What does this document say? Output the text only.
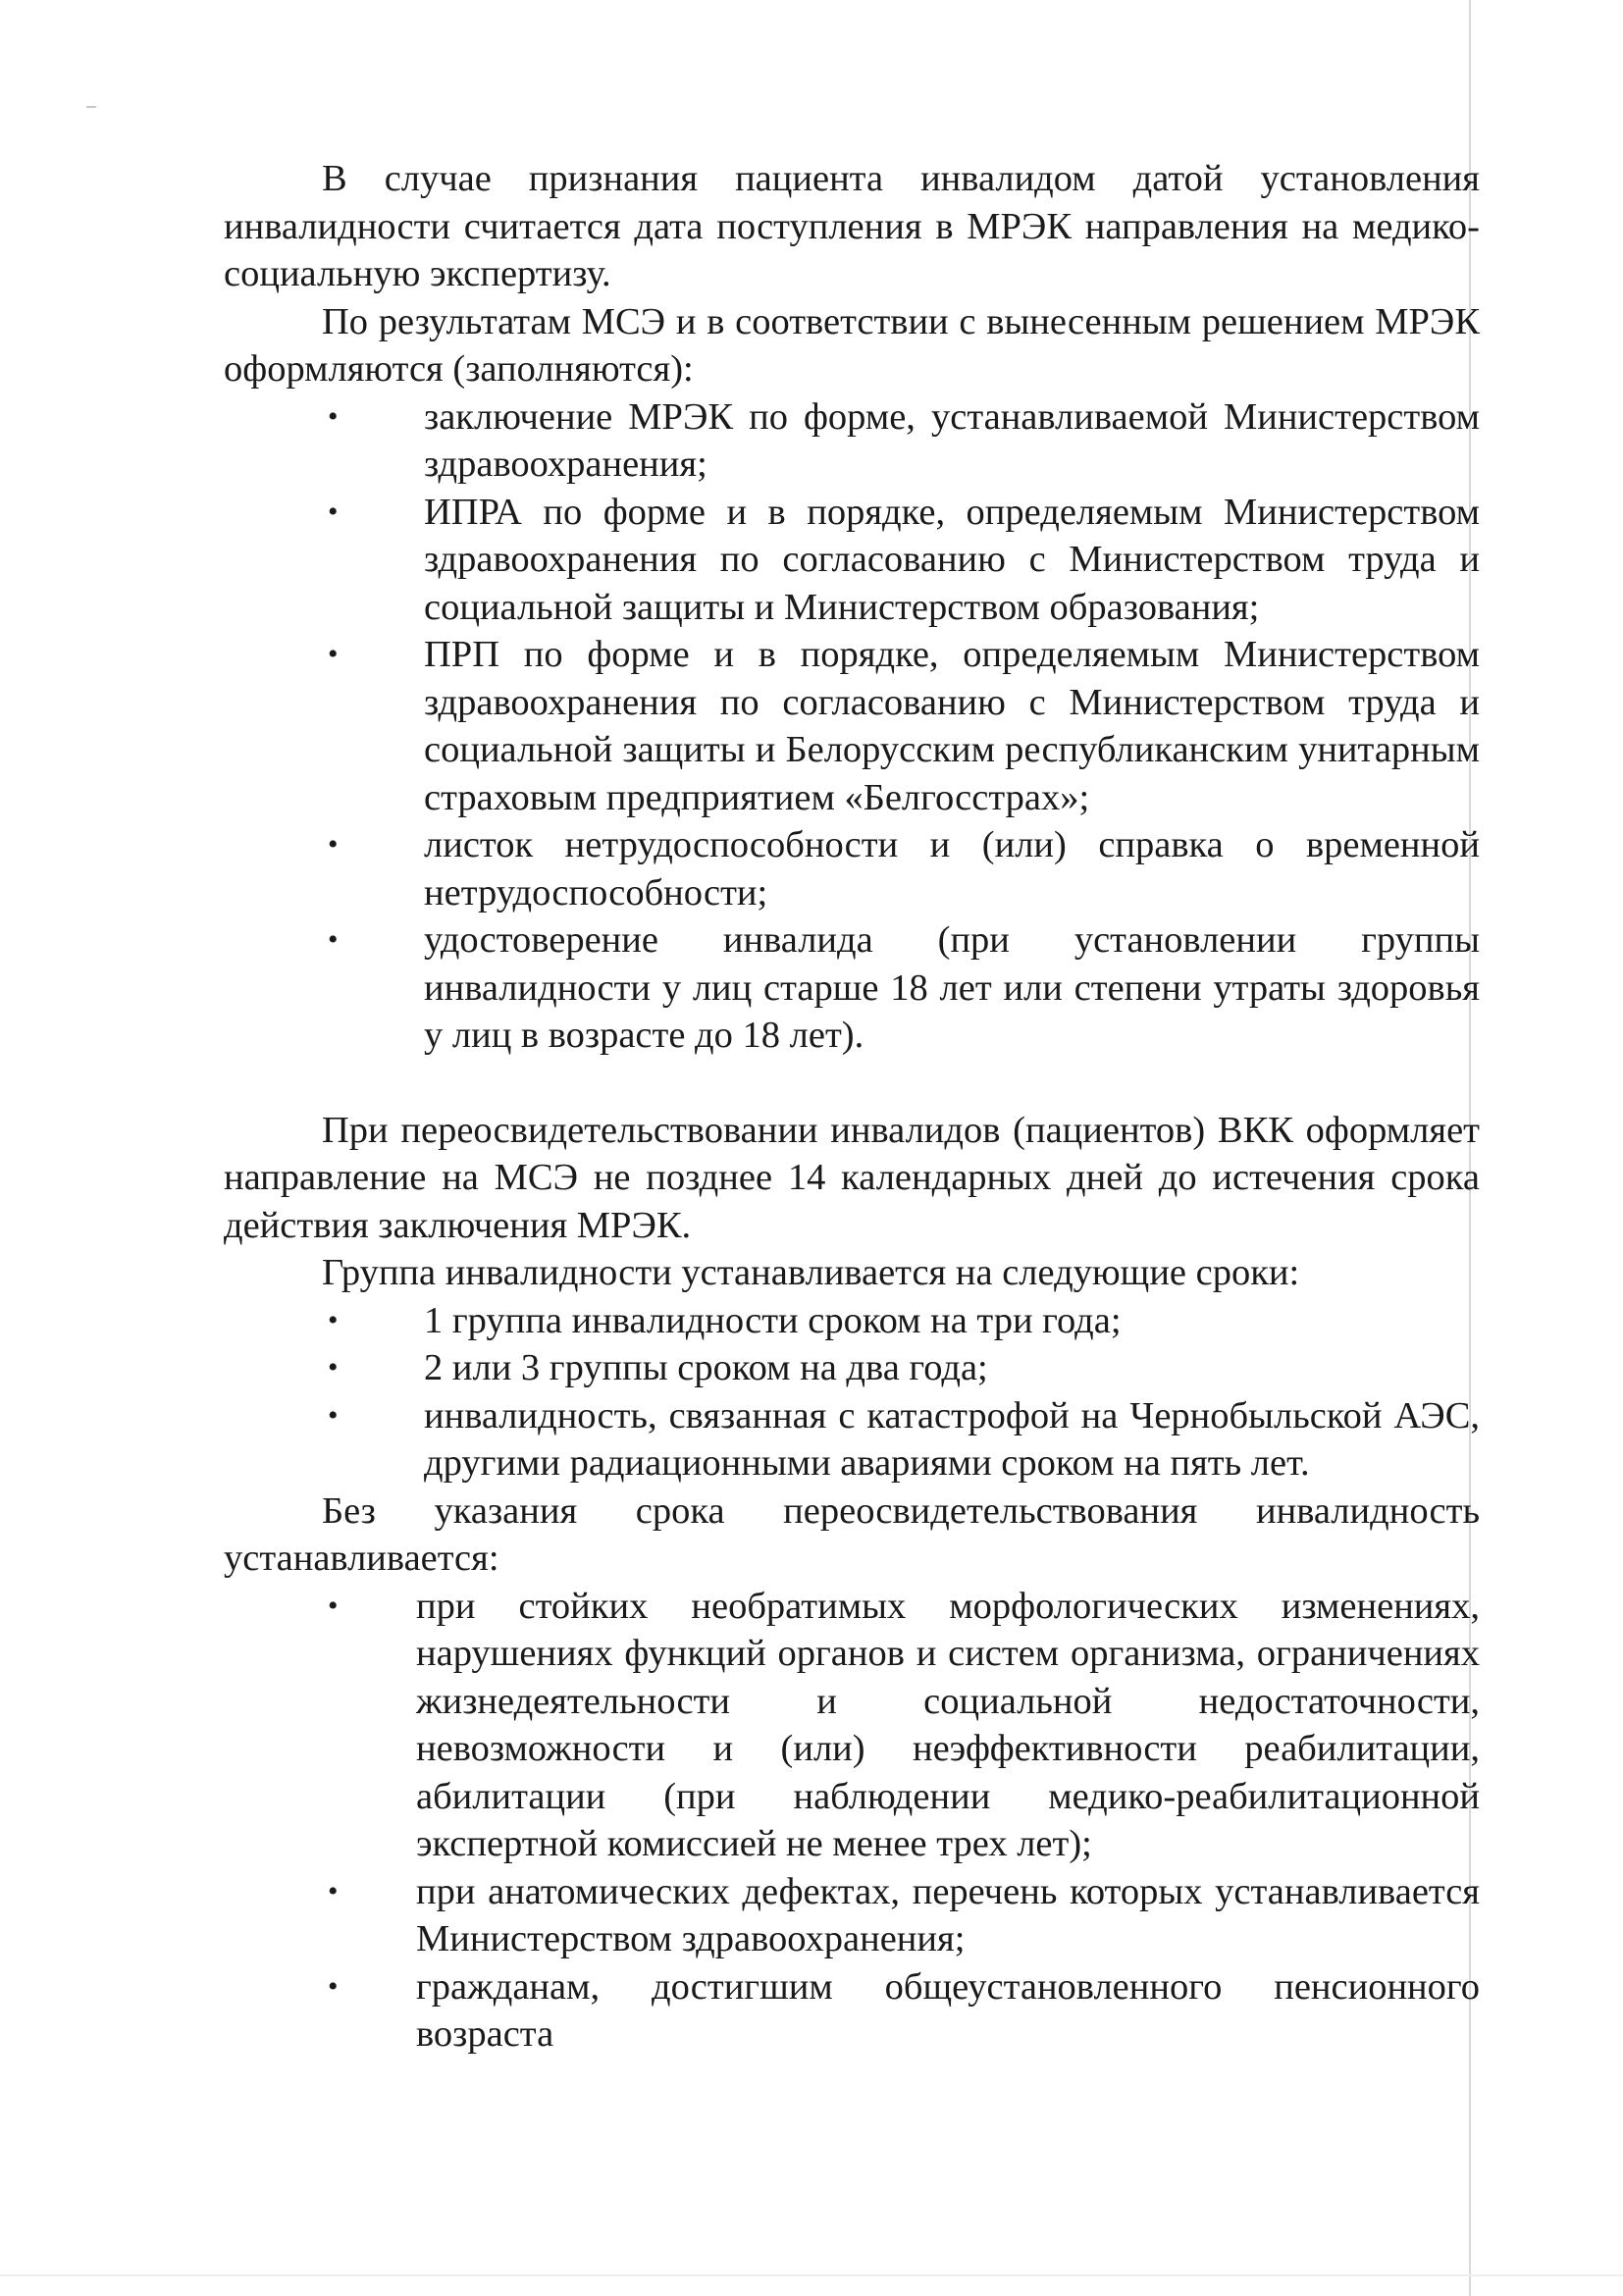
В случае признания пациента инвалидом датой установления инвалидности считается дата поступления в МРЭК направления на медико-социальную экспертизу.

По результатам МСЭ и в соответствии с вынесенным решением МРЭК оформляются (заполняются):

• заключение МРЭК по форме, устанавливаемой Министерством здравоохранения;
• ИПРА по форме и в порядке, определяемым Министерством здравоохранения по согласованию с Министерством труда и социальной защиты и Министерством образования;
• ПРП по форме и в порядке, определяемым Министерством здравоохранения по согласованию с Министерством труда и социальной защиты и Белорусским республиканским унитарным страховым предприятием «Белгосстрах»;
• листок нетрудоспособности и (или) справка о временной нетрудоспособности;
• удостоверение инвалида (при установлении группы инвалидности у лиц старше 18 лет или степени утраты здоровья у лиц в возрасте до 18 лет).

При переосвидетельствовании инвалидов (пациентов) ВКК оформляет направление на МСЭ не позднее 14 календарных дней до истечения срока действия заключения МРЭК.

Группа инвалидности устанавливается на следующие сроки:

• 1 группа инвалидности сроком на три года;
• 2 или 3 группы сроком на два года;
• инвалидность, связанная с катастрофой на Чернобыльской АЭС, другими радиационными авариями сроком на пять лет.

Без указания срока переосвидетельствования инвалидность устанавливается:

• при стойких необратимых морфологических изменениях, нарушениях функций органов и систем организма, ограничениях жизнедеятельности и социальной недостаточности, невозможности и (или) неэффективности реабилитации, абилитации (при наблюдении медико-реабилитационной экспертной комиссией не менее трех лет);
• при анатомических дефектах, перечень которых устанавливается Министерством здравоохранения;
• гражданам, достигшим общеустановленного пенсионного возраста
